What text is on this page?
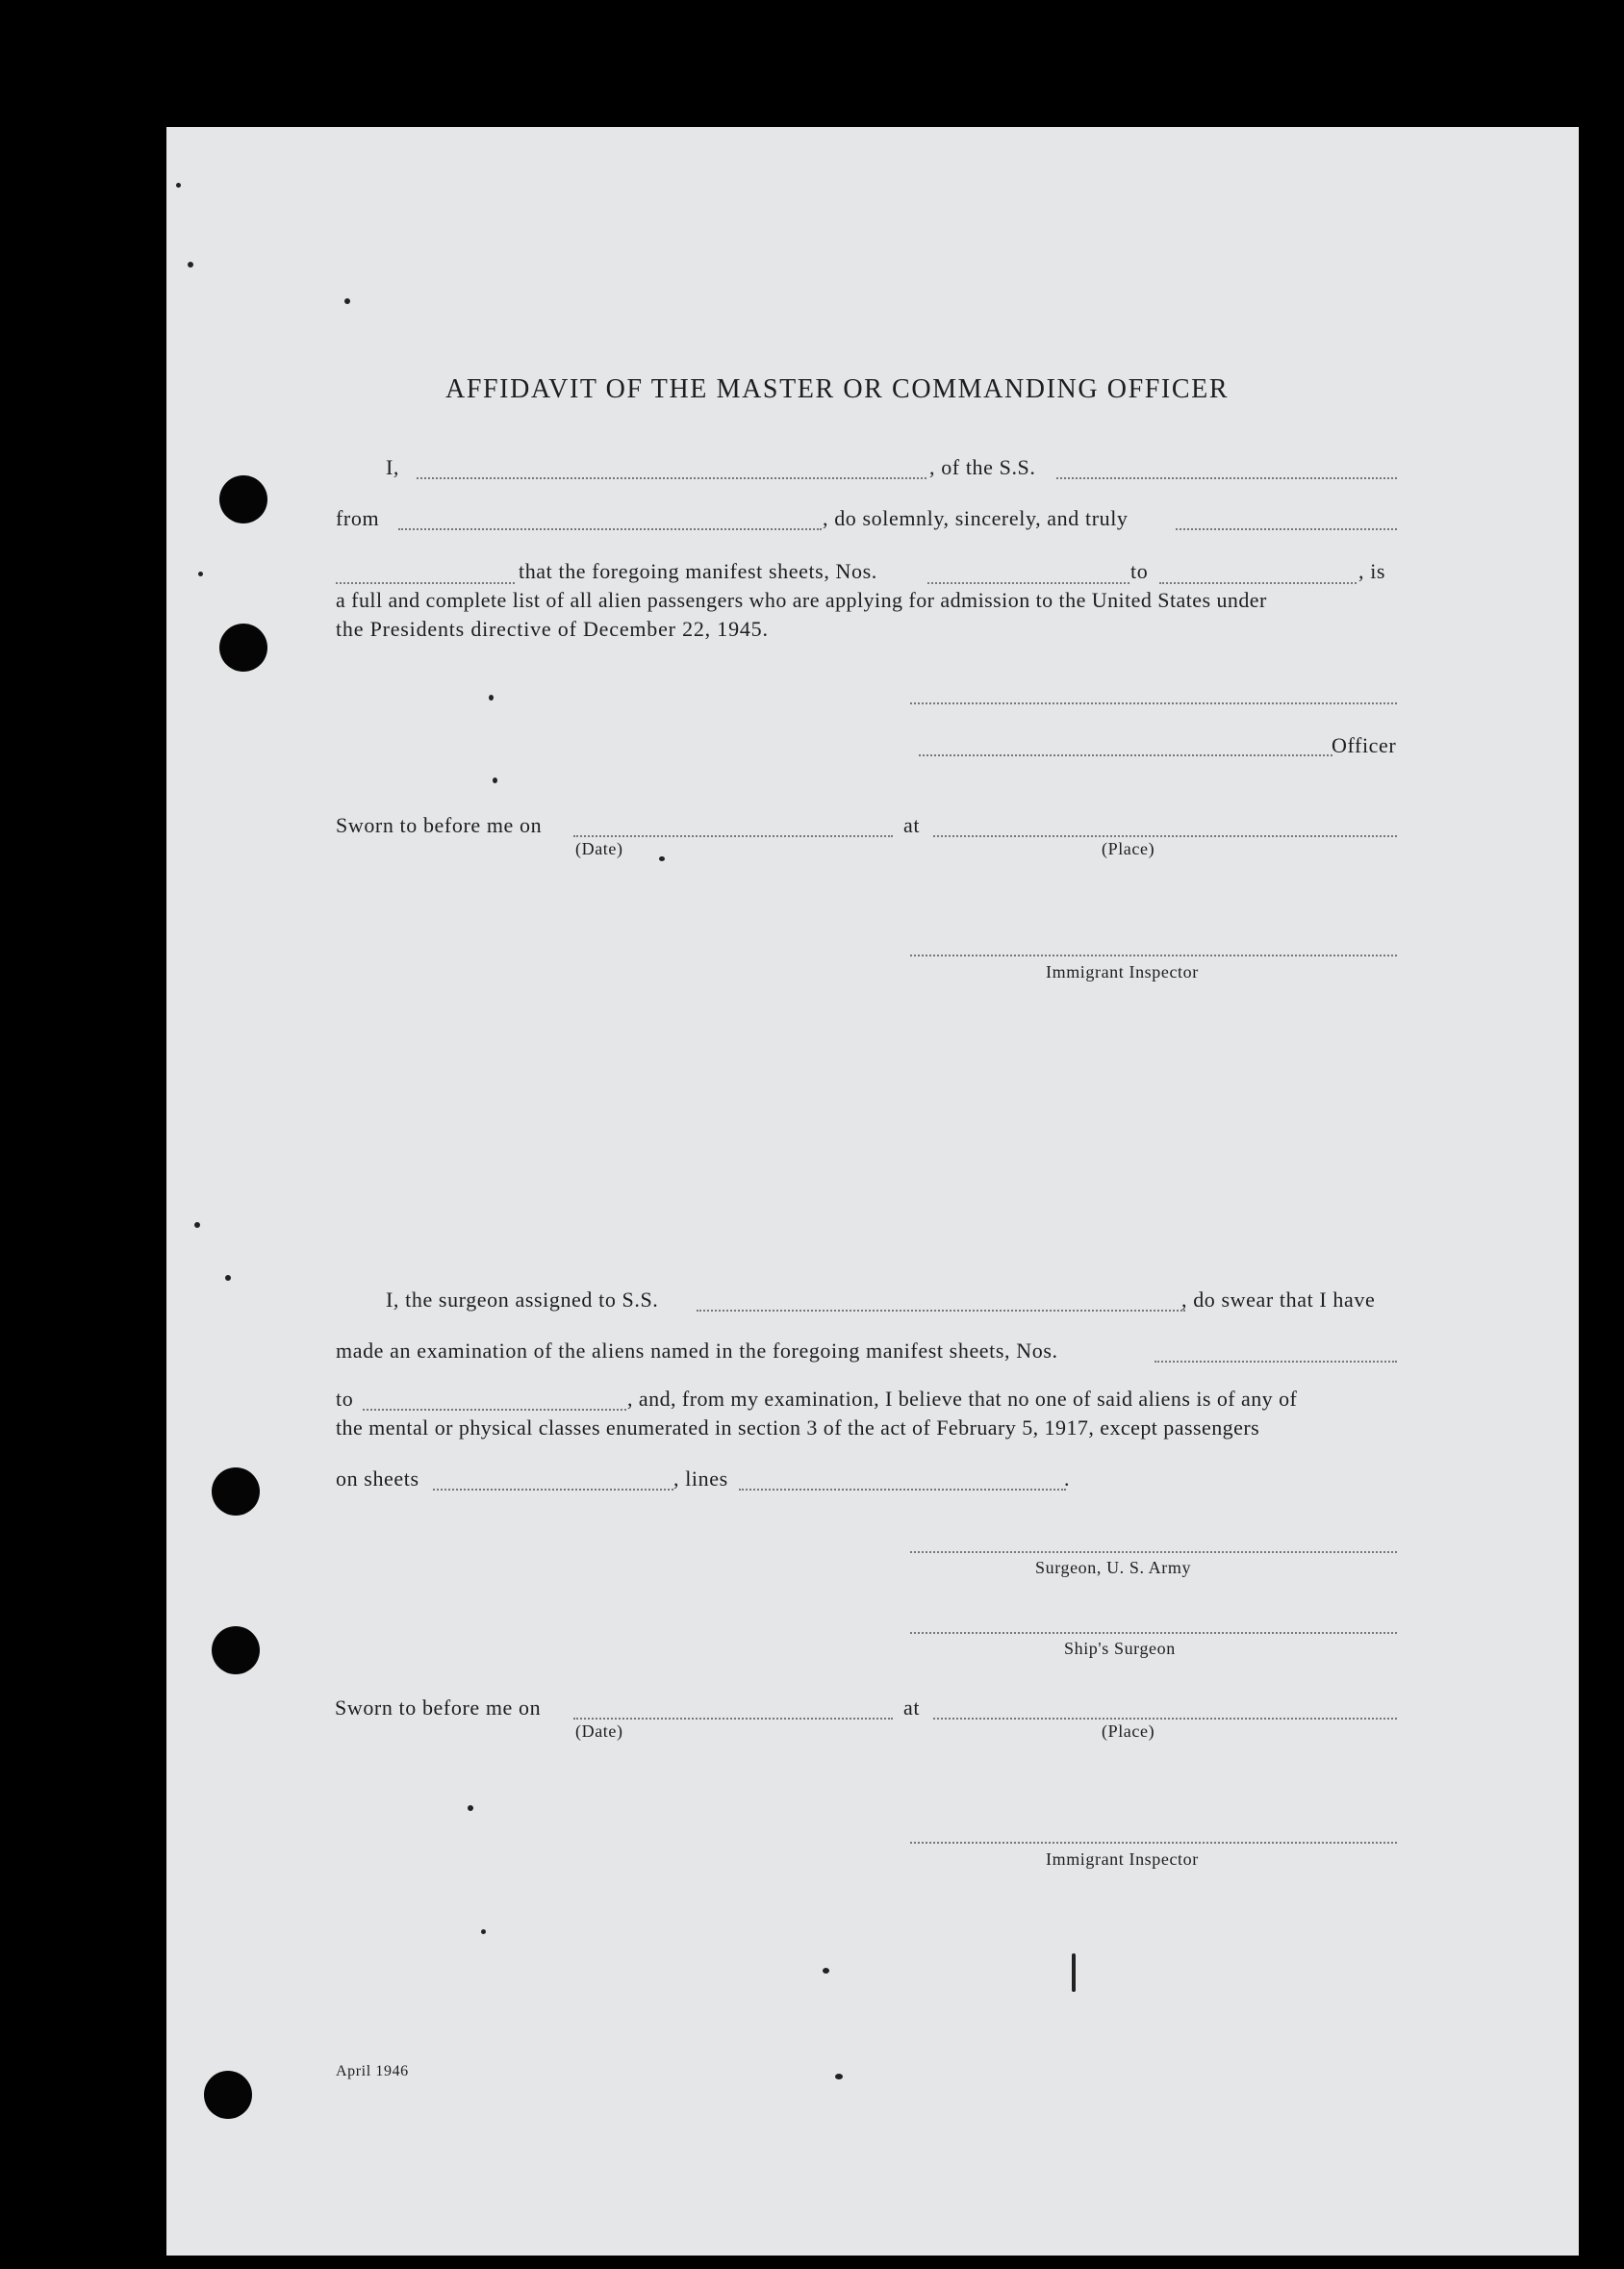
AFFIDAVIT OF THE MASTER OR COMMANDING OFFICER
I,	, of the S.S.
from	, do solemnly, sincerely, and truly
that the foregoing manifest sheets, Nos.	to	, is
a full and complete list of all alien passengers who are applying for admission to the United States under
the Presidents directive of December 22, 1945.
Officer
Sworn to before me on	at
(Date)	(Place)
Immigrant Inspector
I, the surgeon assigned to S.S.	, do swear that I have
made an examination of the aliens named in the foregoing manifest sheets, Nos.
to	, and, from my examination, I believe that no one of said aliens is of any of
the mental or physical classes enumerated in section 3 of the act of February 5, 1917, except passengers
on sheets	, lines	.
Surgeon, U. S. Army
Ship's Surgeon
Sworn to before me on	at
(Date)	(Place)
Immigrant Inspector
April 1946
